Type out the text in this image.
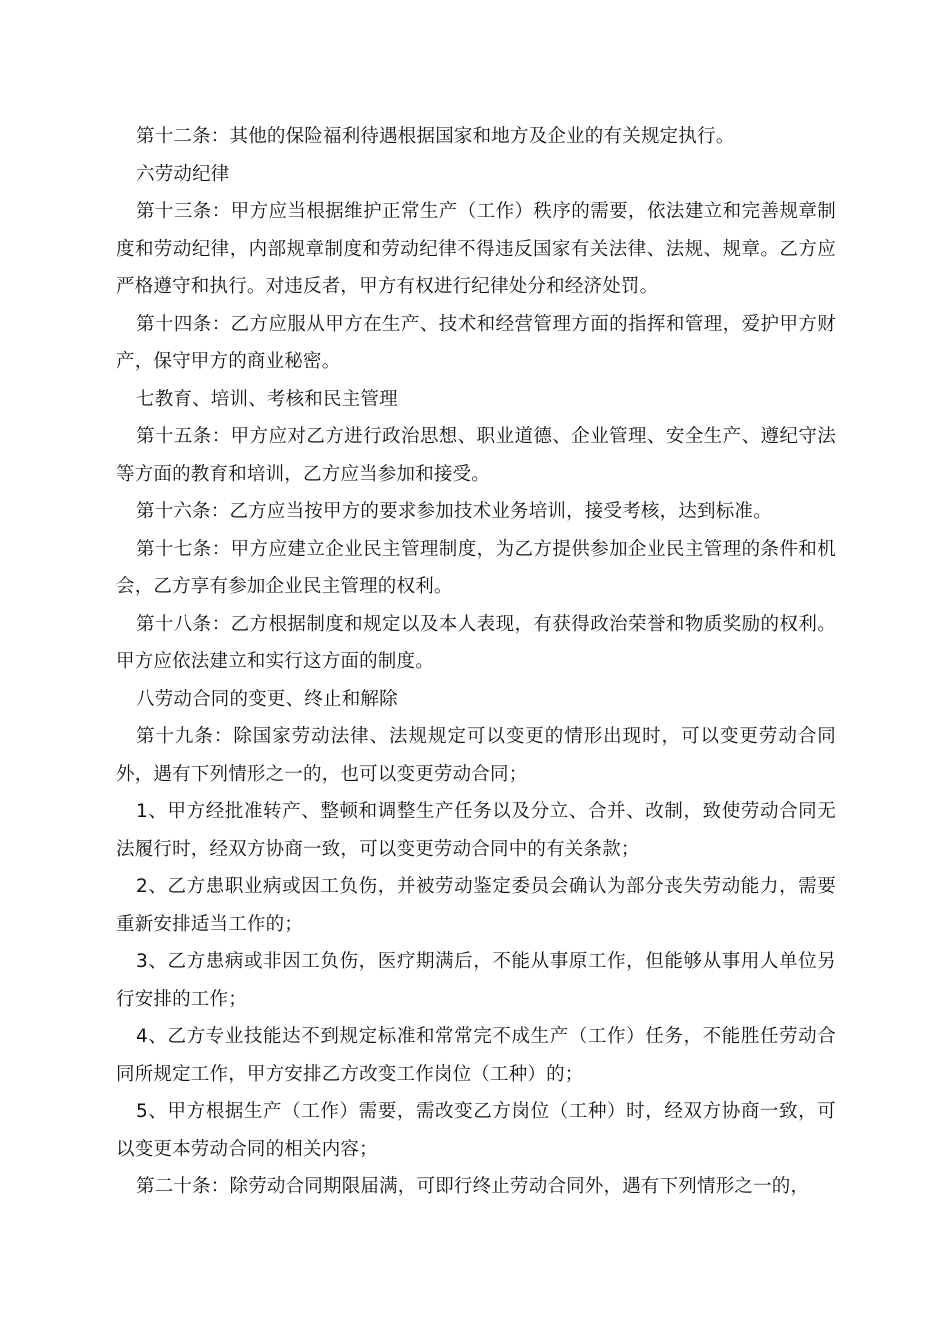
第十二条：其他的保险福利待遇根据国家和地方及企业的有关规定执行。

六劳动纪律

第十三条：甲方应当根据维护正常生产（工作）秩序的需要，依法建立和完善规章制度和劳动纪律，内部规章制度和劳动纪律不得违反国家有关法律、法规、规章。乙方应严格遵守和执行。对违反者，甲方有权进行纪律处分和经济处罚。

第十四条：乙方应服从甲方在生产、技术和经营管理方面的指挥和管理，爱护甲方财产，保守甲方的商业秘密。

七教育、培训、考核和民主管理

第十五条：甲方应对乙方进行政治思想、职业道德、企业管理、安全生产、遵纪守法等方面的教育和培训，乙方应当参加和接受。

第十六条：乙方应当按甲方的要求参加技术业务培训，接受考核，达到标准。

第十七条：甲方应建立企业民主管理制度，为乙方提供参加企业民主管理的条件和机会，乙方享有参加企业民主管理的权利。

第十八条：乙方根据制度和规定以及本人表现，有获得政治荣誉和物质奖励的权利。甲方应依法建立和实行这方面的制度。

八劳动合同的变更、终止和解除

第十九条：除国家劳动法律、法规规定可以变更的情形出现时，可以变更劳动合同外，遇有下列情形之一的，也可以变更劳动合同；

1、甲方经批准转产、整顿和调整生产任务以及分立、合并、改制，致使劳动合同无法履行时，经双方协商一致，可以变更劳动合同中的有关条款；

2、乙方患职业病或因工负伤，并被劳动鉴定委员会确认为部分丧失劳动能力，需要重新安排适当工作的；

3、乙方患病或非因工负伤，医疗期满后，不能从事原工作，但能够从事用人单位另行安排的工作；

4、乙方专业技能达不到规定标准和常常完不成生产（工作）任务，不能胜任劳动合同所规定工作，甲方安排乙方改变工作岗位（工种）的；

5、甲方根据生产（工作）需要，需改变乙方岗位（工种）时，经双方协商一致，可以变更本劳动合同的相关内容；

第二十条：除劳动合同期限届满，可即行终止劳动合同外，遇有下列情形之一的，
